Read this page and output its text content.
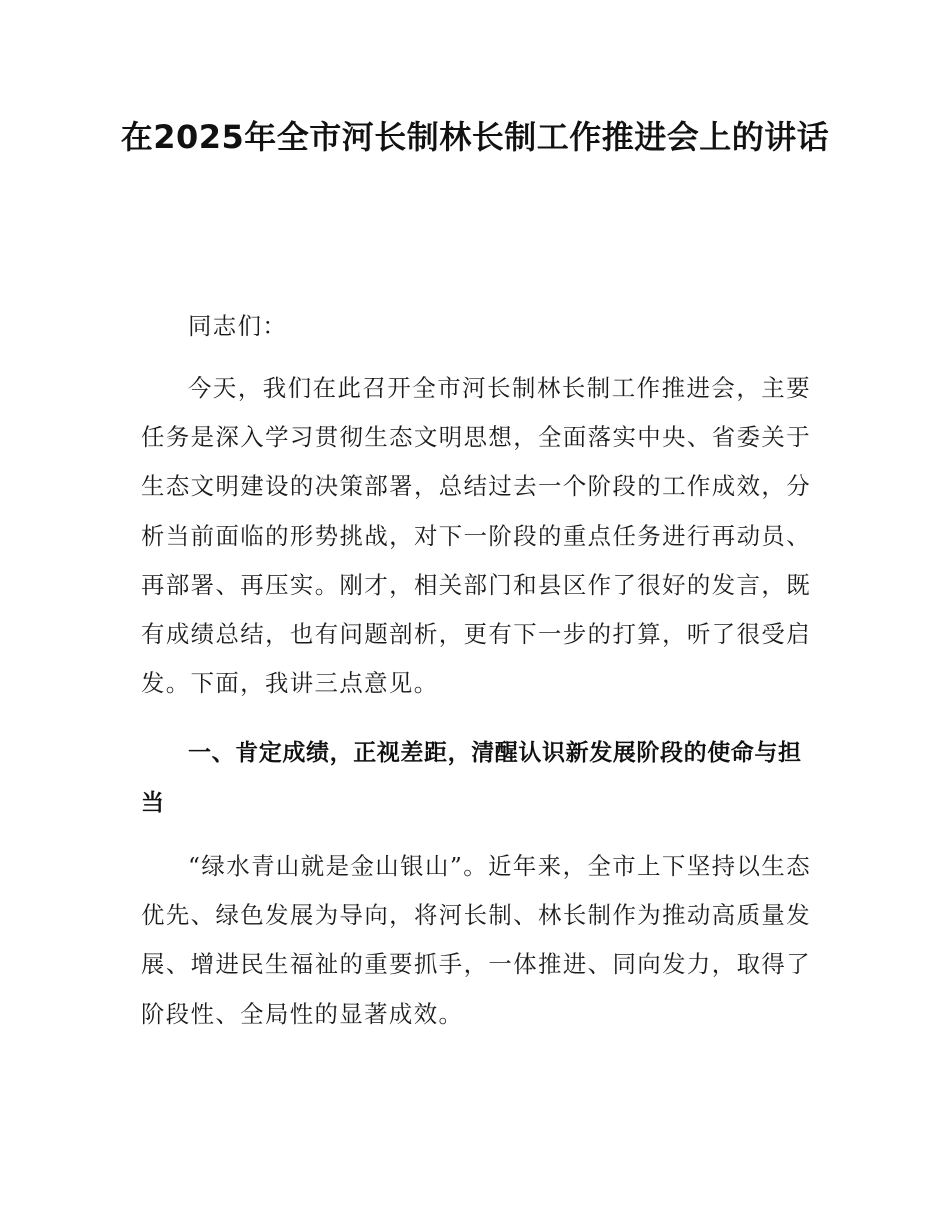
在2025年全市河长制林长制工作推进会上的讲话

同志们：

今天，我们在此召开全市河长制林长制工作推进会，主要任务是深入学习贯彻生态文明思想，全面落实中央、省委关于生态文明建设的决策部署，总结过去一个阶段的工作成效，分析当前面临的形势挑战，对下一阶段的重点任务进行再动员、再部署、再压实。刚才，相关部门和县区作了很好的发言，既有成绩总结，也有问题剖析，更有下一步的打算，听了很受启发。下面，我讲三点意见。

一、肯定成绩，正视差距，清醒认识新发展阶段的使命与担当

“绿水青山就是金山银山”。近年来，全市上下坚持以生态优先、绿色发展为导向，将河长制、林长制作为推动高质量发展、增进民生福祉的重要抓手，一体推进、同向发力，取得了阶段性、全局性的显著成效。
